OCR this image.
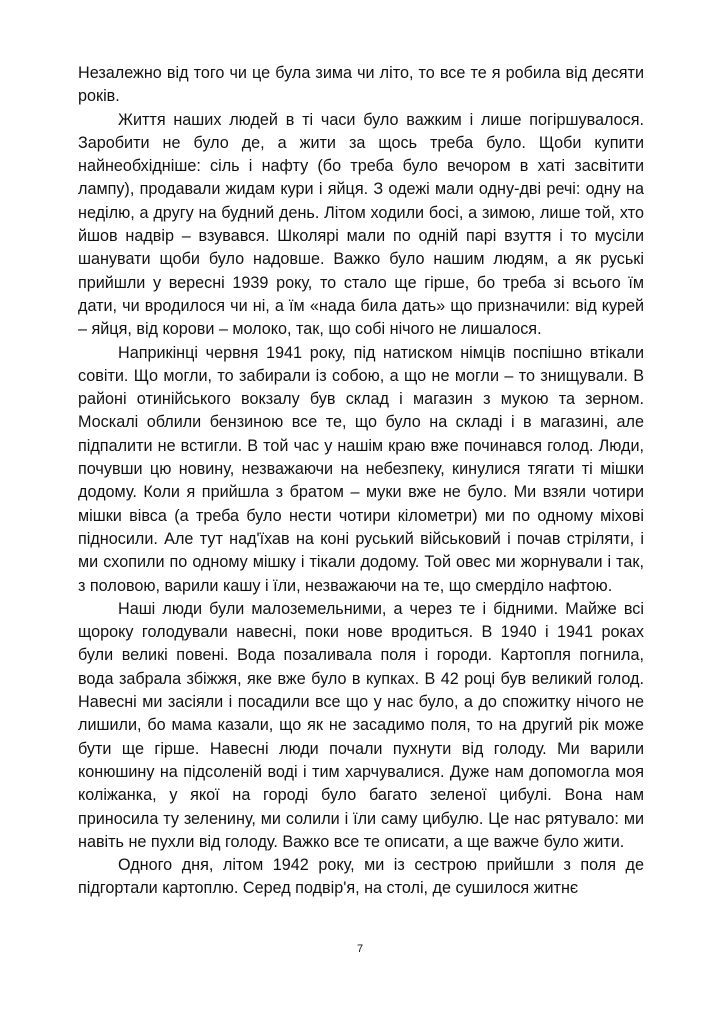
Незалежно від того чи це була зима чи літо, то все те я робила від десяти років.

Життя наших людей в ті часи було важким і лише погіршувалося. Заробити не було де, а жити за щось треба було. Щоби купити найнеобхідніше: сіль і нафту (бо треба було вечором в хаті засвітити лампу), продавали жидам кури і яйця. З одежі мали одну-дві речі: одну на неділю, а другу на будний день. Літом ходили босі, а зимою, лише той, хто йшов надвір – взувався. Школярі мали по одній парі взуття і то мусіли шанувати щоби було надовше. Важко було нашим людям, а як руські прийшли у вересні 1939 року, то стало ще гірше, бо треба зі всього їм дати, чи вродилося чи ні, а їм «нада била дать» що призначили: від курей – яйця, від корови – молоко, так, що собі нічого не лишалося.

Наприкінці червня 1941 року, під натиском німців поспішно втікали совіти. Що могли, то забирали із собою, а що не могли – то знищували. В районі отинійського вокзалу був склад і магазин з мукою та зерном. Москалі облили бензиною все те, що було на складі і в магазині, але підпалити не встигли. В той час у нашім краю вже починався голод. Люди, почувши цю новину, незважаючи на небезпеку, кинулися тягати ті мішки додому. Коли я прийшла з братом – муки вже не було. Ми взяли чотири мішки вівса (а треба було нести чотири кілометри) ми по одному міхові підносили. Але тут над'їхав на коні руський військовий і почав стріляти, і ми схопили по одному мішку і тікали додому. Той овес ми жорнували і так, з половою, варили кашу і їли, незважаючи на те, що смерділо нафтою.

Наші люди були малоземельними, а через те і бідними. Майже всі щороку голодували навесні, поки нове вродиться. В 1940 і 1941 роках були великі повені. Вода позаливала поля і городи. Картопля погнила, вода забрала збіжжя, яке вже було в купках. В 42 році був великий голод. Навесні ми засіяли і посадили все що у нас було, а до спожитку нічого не лишили, бо мама казали, що як не засадимо поля, то на другий рік може бути ще гірше. Навесні люди почали пухнути від голоду. Ми варили конюшину на підсоленій воді і тим харчувалися. Дуже нам допомогла моя коліжанка, у якої на городі було багато зеленої цибулі. Вона нам приносила ту зеленину, ми солили і їли саму цибулю. Це нас рятувало: ми навіть не пухли від голоду. Важко все те описати, а ще важче було жити.

Одного дня, літом 1942 року, ми із сестрою прийшли з поля де підгортали картоплю. Серед подвір'я, на столі, де сушилося житнє

7
